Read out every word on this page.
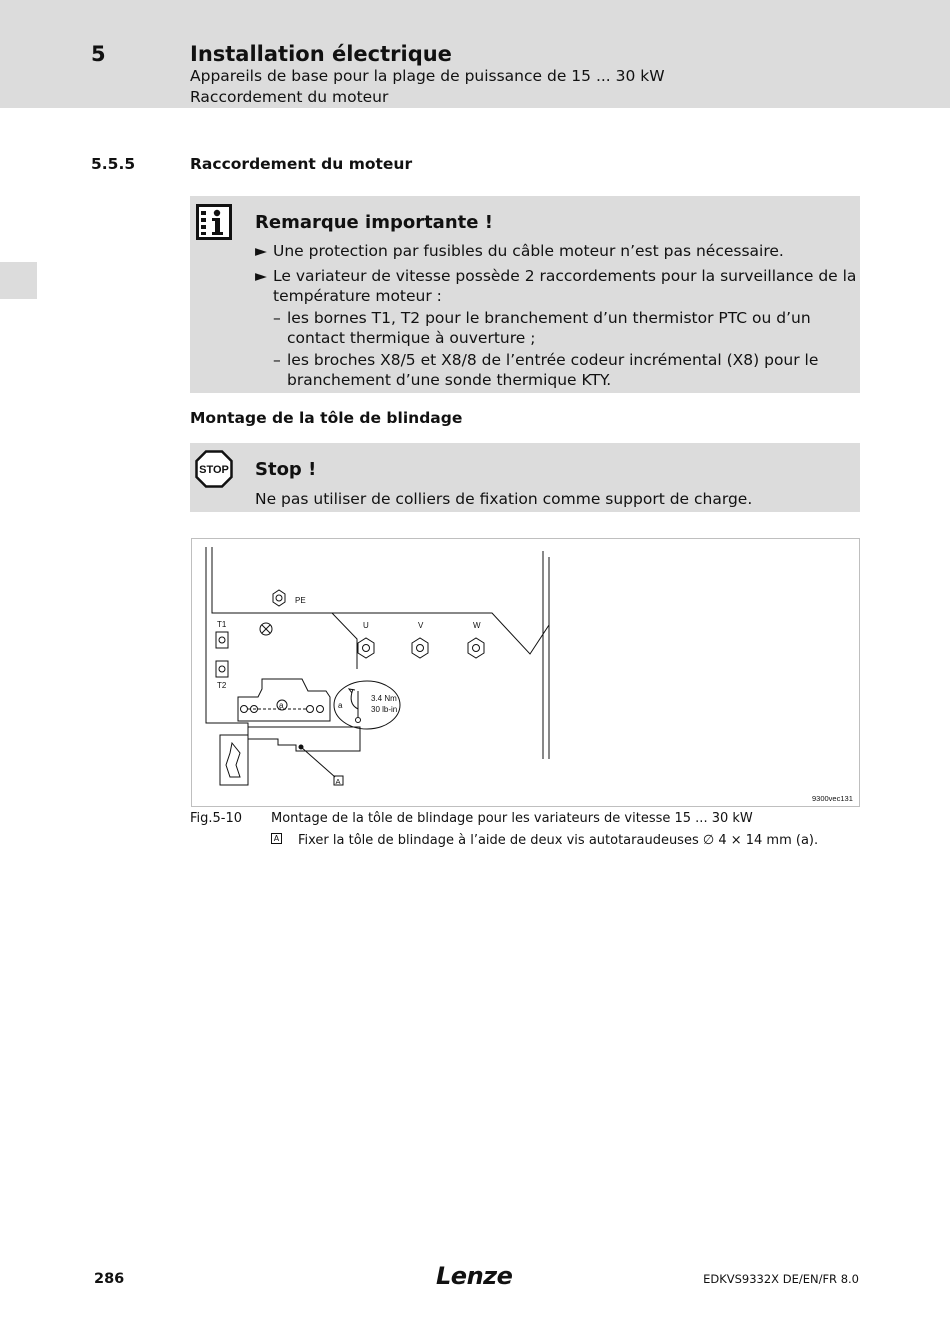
5	Installation électrique
Appareils de base pour la plage de puissance de 15 ... 30 kW
Raccordement du moteur
5.5.5	Raccordement du moteur
Remarque importante !
► Une protection par fusibles du câble moteur n’est pas nécessaire.
► Le variateur de vitesse possède 2 raccordements pour la surveillance de la
température moteur :
– les bornes T1, T2 pour le branchement d’un thermistor PTC ou d’un
contact thermique à ouverture ;
– les broches X8/5 et X8/8 de l’entrée codeur incrémental (X8) pour le
branchement d’une sonde thermique KTY.
Montage de la tôle de blindage
STOP Stop !
Ne pas utiliser de colliers de fixation comme support de charge.
PE
T1
T2
U	V	W
a	a
3.4 Nm
30 lb-in
A
9300vec131
Fig.5-10 Montage de la tôle de blindage pour les variateurs de vitesse 15 ... 30 kW
A Fixer la tôle de blindage à l’aide de deux vis autotaraudeuses ∅ 4 × 14 mm (a).
286	Lenze	EDKVS9332X DE/EN/FR 8.0
